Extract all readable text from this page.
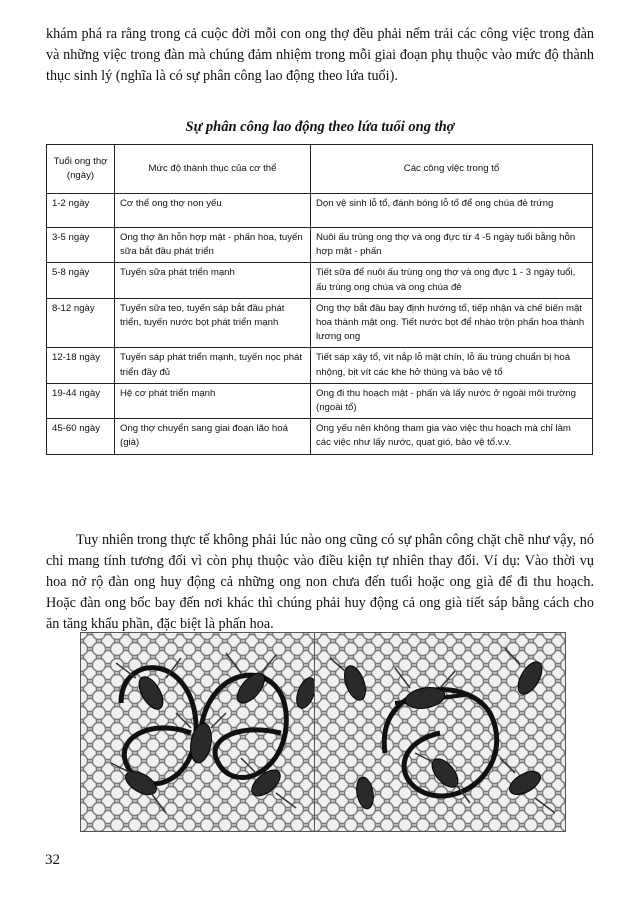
khám phá ra rằng trong cả cuộc đời mỗi con ong thợ đều phải nếm trải các công việc trong đàn và những việc trong đàn mà chúng đảm nhiệm trong mỗi giai đoạn phụ thuộc vào mức độ thành thục sinh lý (nghĩa là có sự phân công lao động theo lứa tuổi).

Sự phân công lao động theo lứa tuổi ong thợ

Tuổi ong thợ (ngày)	Mức độ thành thục của cơ thể	Các công việc trong tổ
1-2 ngày	Cơ thể ong thợ non yếu	Dọn vệ sinh lỗ tổ, đánh bóng lỗ tổ để ong chúa đẻ trứng
3-5 ngày	Ong thợ ăn hỗn hợp mật - phấn hoa, tuyến sữa bắt đầu phát triển	Nuôi ấu trùng ong thợ và ong đực từ 4 -5 ngày tuổi bằng hỗn hợp mật - phấn
5-8 ngày	Tuyến sữa phát triển mạnh	Tiết sữa để nuôi ấu trùng ong thợ và ong đực 1 - 3 ngày tuổi, ấu trùng ong chúa và ong chúa đẻ
8-12 ngày	Tuyến sữa teo, tuyến sáp bắt đầu phát triển, tuyến nước bọt phát triển mạnh	Ong thợ bắt đầu bay định hướng tổ, tiếp nhận và chế biến mật hoa thành mật ong. Tiết nước bọt để nhào trộn phấn hoa thành lương ong
12-18 ngày	Tuyến sáp phát triển mạnh, tuyến nọc phát triển đầy đủ	Tiết sáp xây tổ, vít nắp lỗ mật chín, lỗ ấu trùng chuẩn bị hoá nhộng, bịt vít các khe hở thùng và bảo vệ tổ
19-44 ngày	Hệ cơ phát triển mạnh	Ong đi thu hoạch mật - phấn và lấy nước ở ngoài môi trường (ngoài tổ)
45-60 ngày	Ong thợ chuyển sang giai đoạn lão hoá (già)	Ong yếu nên không tham gia vào việc thu hoạch mà chỉ làm các việc như lấy nước, quạt gió, bảo vệ tổ.v.v.

Tuy nhiên trong thực tế không phải lúc nào ong cũng có sự phân công chặt chẽ như vậy, nó chỉ mang tính tương đối vì còn phụ thuộc vào điều kiện tự nhiên thay đổi. Ví dụ: Vào thời vụ hoa nở rộ đàn ong huy động cả những ong non chưa đến tuổi hoặc ong già để đi thu hoạch. Hoặc đàn ong bốc bay đến nơi khác thì chúng phải huy động cả ong già tiết sáp bằng cách cho ăn tăng khẩu phần, đặc biệt là phấn hoa.

32
